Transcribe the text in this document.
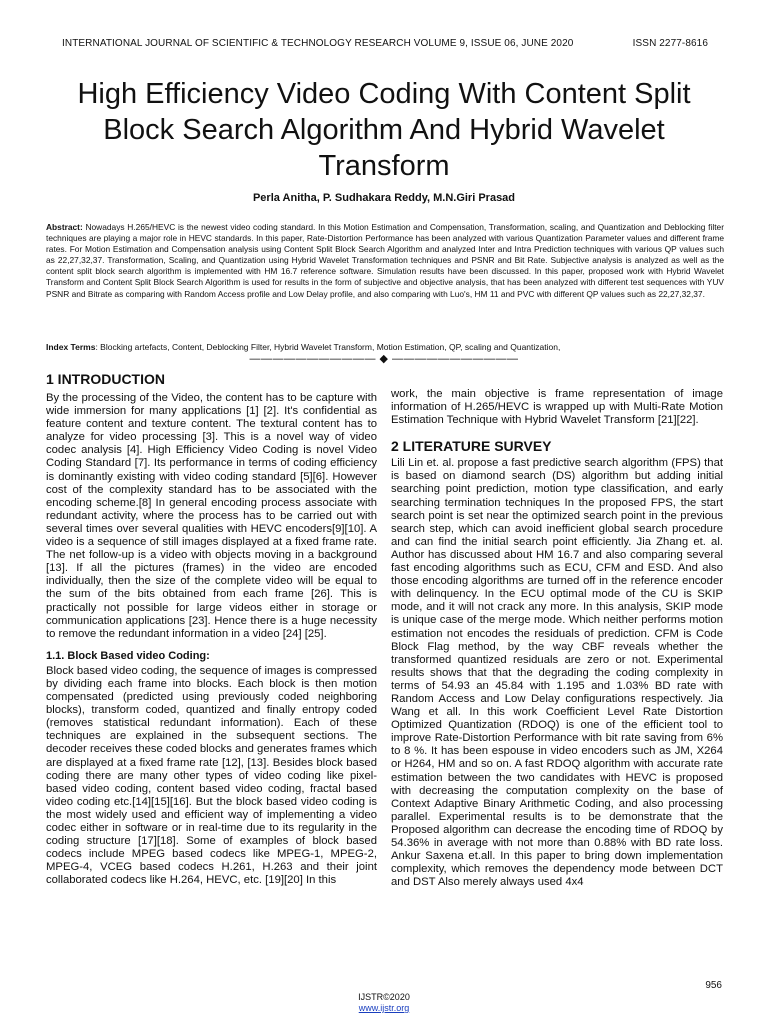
INTERNATIONAL JOURNAL OF SCIENTIFIC & TECHNOLOGY RESEARCH VOLUME 9, ISSUE 06, JUNE 2020	ISSN 2277-8616
High Efficiency Video Coding With Content Split
Block Search Algorithm And Hybrid Wavelet
Transform
Perla Anitha, P. Sudhakara Reddy, M.N.Giri Prasad
Abstract: Nowadays H.265/HEVC is the newest video coding standard. In this Motion Estimation and Compensation, Transformation, scaling, and Quantization and Deblocking filter techniques are playing a major role in HEVC standards. In this paper, Rate-Distortion Performance has been analyzed with various Quantization Parameter values and different frame rates. For Motion Estimation and Compensation analysis using Content Split Block Search Algorithm and analyzed Inter and Intra Prediction techniques with various QP values such as 22,27,32,37. Transformation, Scaling, and Quantization using Hybrid Wavelet Transformation techniques and PSNR and Bit Rate. Subjective analysis is analyzed as well as the content split block search algorithm is implemented with HM 16.7 reference software. Simulation results have been discussed. In this paper, proposed work with Hybrid Wavelet Transform and Content Split Block Search Algorithm is used for results in the form of subjective and objective analysis, that has been analyzed with different test sequences with YUV PSNR and Bitrate as comparing with Random Access profile and Low Delay profile, and also comparing with Luo's, HM 11 and PVC with different QP values such as 22,27,32,37.
Index Terms: Blocking artefacts, Content, Deblocking Filter, Hybrid Wavelet Transform, Motion Estimation, QP, scaling and Quantization,
——————————— ◆ ———————————
1 INTRODUCTION

By the processing of the Video, the content has to be capture with wide immersion for many applications [1] [2]. It's confidential as feature content and texture content. The textural content has to analyze for video processing [3]. This is a novel way of video codec analysis [4]. High Efficiency Video Coding is novel Video Coding Standard [7]. Its performance in terms of coding efficiency is dominantly existing with video coding standard [5][6]. However cost of the complexity standard has to be associated with the encoding scheme.[8] In general encoding process associate with redundant activity, where the process has to be carried out with several times over several qualities with HEVC encoders[9][10]. A video is a sequence of still images displayed at a fixed frame rate. The net follow-up is a video with objects moving in a background [13]. If all the pictures (frames) in the video are encoded individually, then the size of the complete video will be equal to the sum of the bits obtained from each frame [26]. This is practically not possible for large videos either in storage or communication applications [23]. Hence there is a huge necessity to remove the redundant information in a video [24] [25].

1.1. Block Based video Coding:

Block based video coding, the sequence of images is compressed by dividing each frame into blocks. Each block is then motion compensated (predicted using previously coded neighboring blocks), transform coded, quantized and finally entropy coded (removes statistical redundant information). Each of these techniques are explained in the subsequent sections. The decoder receives these coded blocks and generates frames which are displayed at a fixed frame rate [12], [13]. Besides block based coding there are many other types of video coding like pixel-based video coding, content based video coding, fractal based video coding etc.[14][15][16]. But the block based video coding is the most widely used and efficient way of implementing a video codec either in software or in real-time due to its regularity in the coding structure [17][18]. Some of examples of block based codecs include MPEG based codecs like MPEG-1, MPEG-2, MPEG-4, VCEG based codecs H.261, H.263 and their joint collaborated codecs like H.264, HEVC, etc. [19][20] In this

work, the main objective is frame representation of image information of H.265/HEVC is wrapped up with Multi-Rate Motion Estimation Technique with Hybrid Wavelet Transform [21][22].

2 LITERATURE SURVEY

Lili Lin et. al. propose a fast predictive search algorithm (FPS) that is based on diamond search (DS) algorithm but adding initial searching point prediction, motion type classification, and early searching termination techniques In the proposed FPS, the start search point is set near the optimized search point in the previous search step, which can avoid inefficient global search procedure and can find the initial search point efficiently. Jia Zhang et. al. Author has discussed about HM 16.7 and also comparing several fast encoding algorithms such as ECU, CFM and ESD. And also those encoding algorithms are turned off in the reference encoder with delinquency. In the ECU optimal mode of the CU is SKIP mode, and it will not crack any more. In this analysis, SKIP mode is unique case of the merge mode. Which neither performs motion estimation not encodes the residuals of prediction. CFM is Code Block Flag method, by the way CBF reveals whether the transformed quantized residuals are zero or not. Experimental results shows that that the degrading the coding complexity in terms of 54.93 an 45.84 with 1.195 and 1.03% BD rate with Random Access and Low Delay configurations respectively. Jia Wang et all. In this work Coefficient Level Rate Distortion Optimized Quantization (RDOQ) is one of the efficient tool to improve Rate-Distortion Performance with bit rate saving from 6% to 8 %. It has been espouse in video encoders such as JM, X264 or H264, HM and so on. A fast RDOQ algorithm with accurate rate estimation between the two candidates with HEVC is proposed with decreasing the computation complexity on the base of Context Adaptive Binary Arithmetic Coding, and also processing parallel. Experimental results is to be demonstrate that the Proposed algorithm can decrease the encoding time of RDOQ by 54.36% in average with not more than 0.88% with BD rate loss. Ankur Saxena et.all. In this paper to bring down implementation complexity, which removes the dependency mode between DCT and DST Also merely always used 4x4

956
IJSTR©2020
www.ijstr.org
